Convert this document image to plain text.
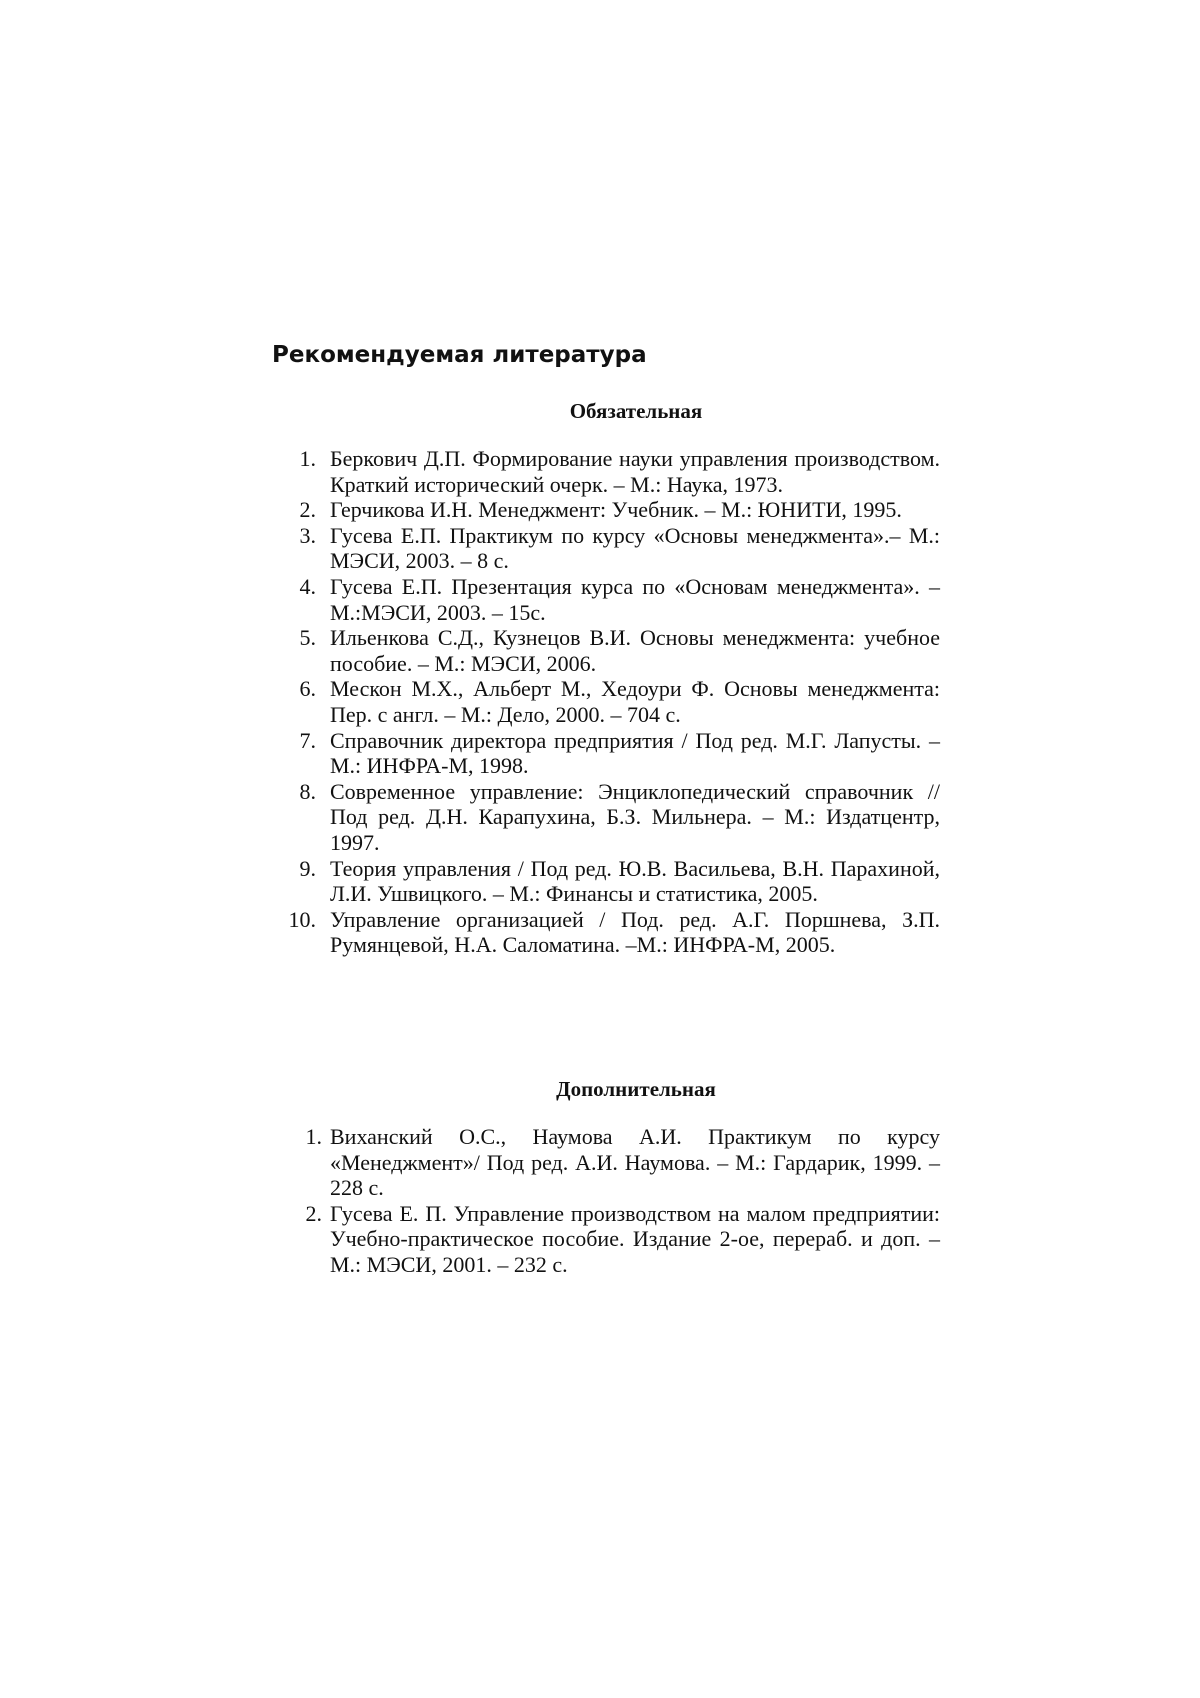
Рекомендуемая литература
Обязательная
1. Беркович Д.П. Формирование науки управления производством. Краткий исторический очерк. – М.: Наука, 1973.
2. Герчикова И.Н. Менеджмент: Учебник. – М.: ЮНИТИ, 1995.
3. Гусева Е.П. Практикум по курсу «Основы менеджмента».– М.: МЭСИ, 2003. – 8 с.
4. Гусева Е.П. Презентация курса по «Основам менеджмента». – М.:МЭСИ, 2003. – 15с.
5. Ильенкова С.Д., Кузнецов В.И. Основы менеджмента: учебное пособие. – М.: МЭСИ, 2006.
6. Мескон М.Х., Альберт М., Хедоури Ф. Основы менеджмента: Пер. с англ. – М.: Дело, 2000. – 704 с.
7. Справочник директора предприятия / Под ред. М.Г. Лапусты. – М.: ИНФРА-М, 1998.
8. Современное управление: Энциклопедический справочник // Под ред. Д.Н. Карапухина, Б.З. Мильнера. – М.: Издатцентр, 1997.
9. Теория управления / Под ред. Ю.В. Васильева, В.Н. Парахиной, Л.И. Ушвицкого. – М.: Финансы и статистика, 2005.
10. Управление организацией / Под. ред. А.Г. Поршнева, З.П. Румянцевой, Н.А. Саломатина. –М.: ИНФРА-М, 2005.
Дополнительная
1. Виханский О.С., Наумова А.И. Практикум по курсу «Менеджмент»/ Под ред. А.И. Наумова. – М.: Гардарик, 1999. – 228 с.
2. Гусева Е. П. Управление производством на малом предприятии: Учебно-практическое пособие. Издание 2-ое, перераб. и доп. – М.: МЭСИ, 2001. – 232 с.
